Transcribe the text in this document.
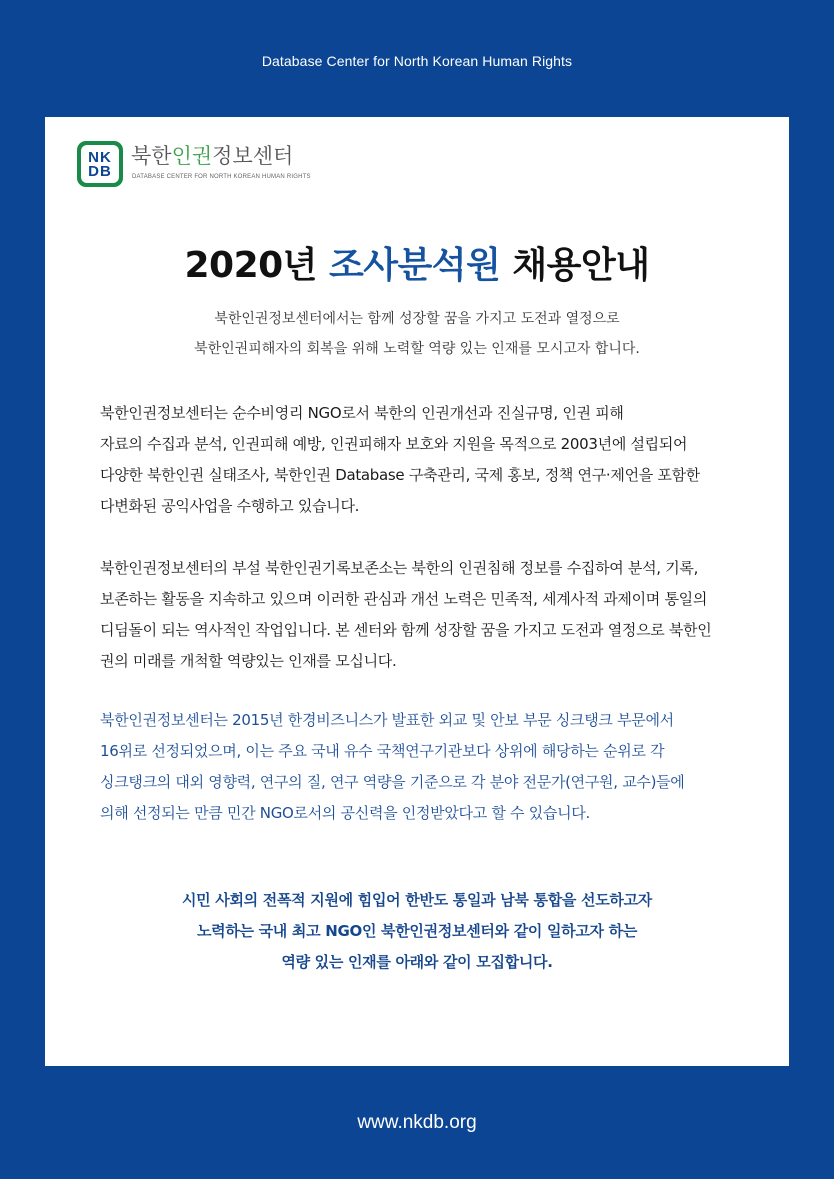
Database Center for North Korean Human Rights
NK
DB
북한인권정보센터
DATABASE CENTER FOR NORTH KOREAN HUMAN RIGHTS
2020년 조사분석원 채용안내
북한인권정보센터에서는 함께 성장할 꿈을 가지고 도전과 열정으로
북한인권피해자의 회복을 위해 노력할 역량 있는 인재를 모시고자 합니다.
북한인권정보센터는 순수비영리 NGO로서 북한의 인권개선과 진실규명, 인권 피해
자료의 수집과 분석, 인권피해 예방, 인권피해자 보호와 지원을 목적으로 2003년에 설립되어
다양한 북한인권 실태조사, 북한인권 Database 구축관리, 국제 홍보, 정책 연구·제언을 포함한
다변화된 공익사업을 수행하고 있습니다.
북한인권정보센터의 부설 북한인권기록보존소는 북한의 인권침해 정보를 수집하여 분석, 기록,
보존하는 활동을 지속하고 있으며 이러한 관심과 개선 노력은 민족적, 세계사적 과제이며 통일의
디딤돌이 되는 역사적인 작업입니다. 본 센터와 함께 성장할 꿈을 가지고 도전과 열정으로 북한인
권의 미래를 개척할 역량있는 인재를 모십니다.
북한인권정보센터는 2015년 한경비즈니스가 발표한 외교 및 안보 부문 싱크탱크 부문에서
16위로 선정되었으며, 이는 주요 국내 유수 국책연구기관보다 상위에 해당하는 순위로 각
싱크탱크의 대외 영향력, 연구의 질, 연구 역량을 기준으로 각 분야 전문가(연구원, 교수)들에
의해 선정되는 만큼 민간 NGO로서의 공신력을 인정받았다고 할 수 있습니다.
시민 사회의 전폭적 지원에 힘입어 한반도 통일과 남북 통합을 선도하고자
노력하는 국내 최고 NGO인 북한인권정보센터와 같이 일하고자 하는
역량 있는 인재를 아래와 같이 모집합니다.
www.nkdb.org
